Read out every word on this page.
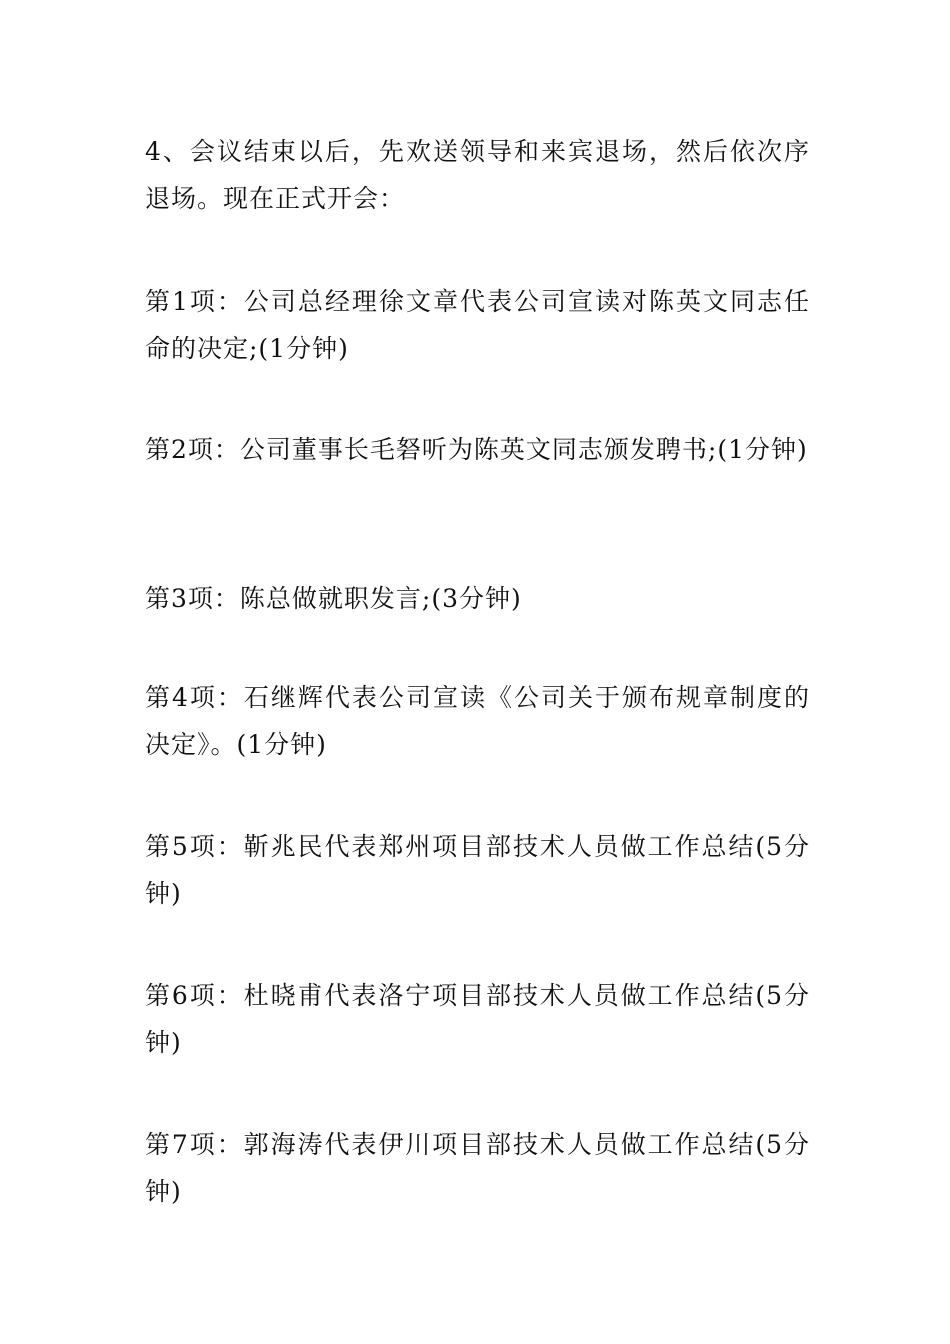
4、会议结束以后，先欢送领导和来宾退场，然后依次序退场。现在正式开会：

第1项：公司总经理徐文章代表公司宣读对陈英文同志任命的决定;(1分钟)

第2项：公司董事长毛砮听为陈英文同志颁发聘书;(1分钟)

第3项：陈总做就职发言;(3分钟)

第4项：石继辉代表公司宣读《公司关于颁布规章制度的决定》。(1分钟)

第5项：靳兆民代表郑州项目部技术人员做工作总结(5分钟)

第6项：杜晓甫代表洛宁项目部技术人员做工作总结(5分钟)

第7项：郭海涛代表伊川项目部技术人员做工作总结(5分钟)
